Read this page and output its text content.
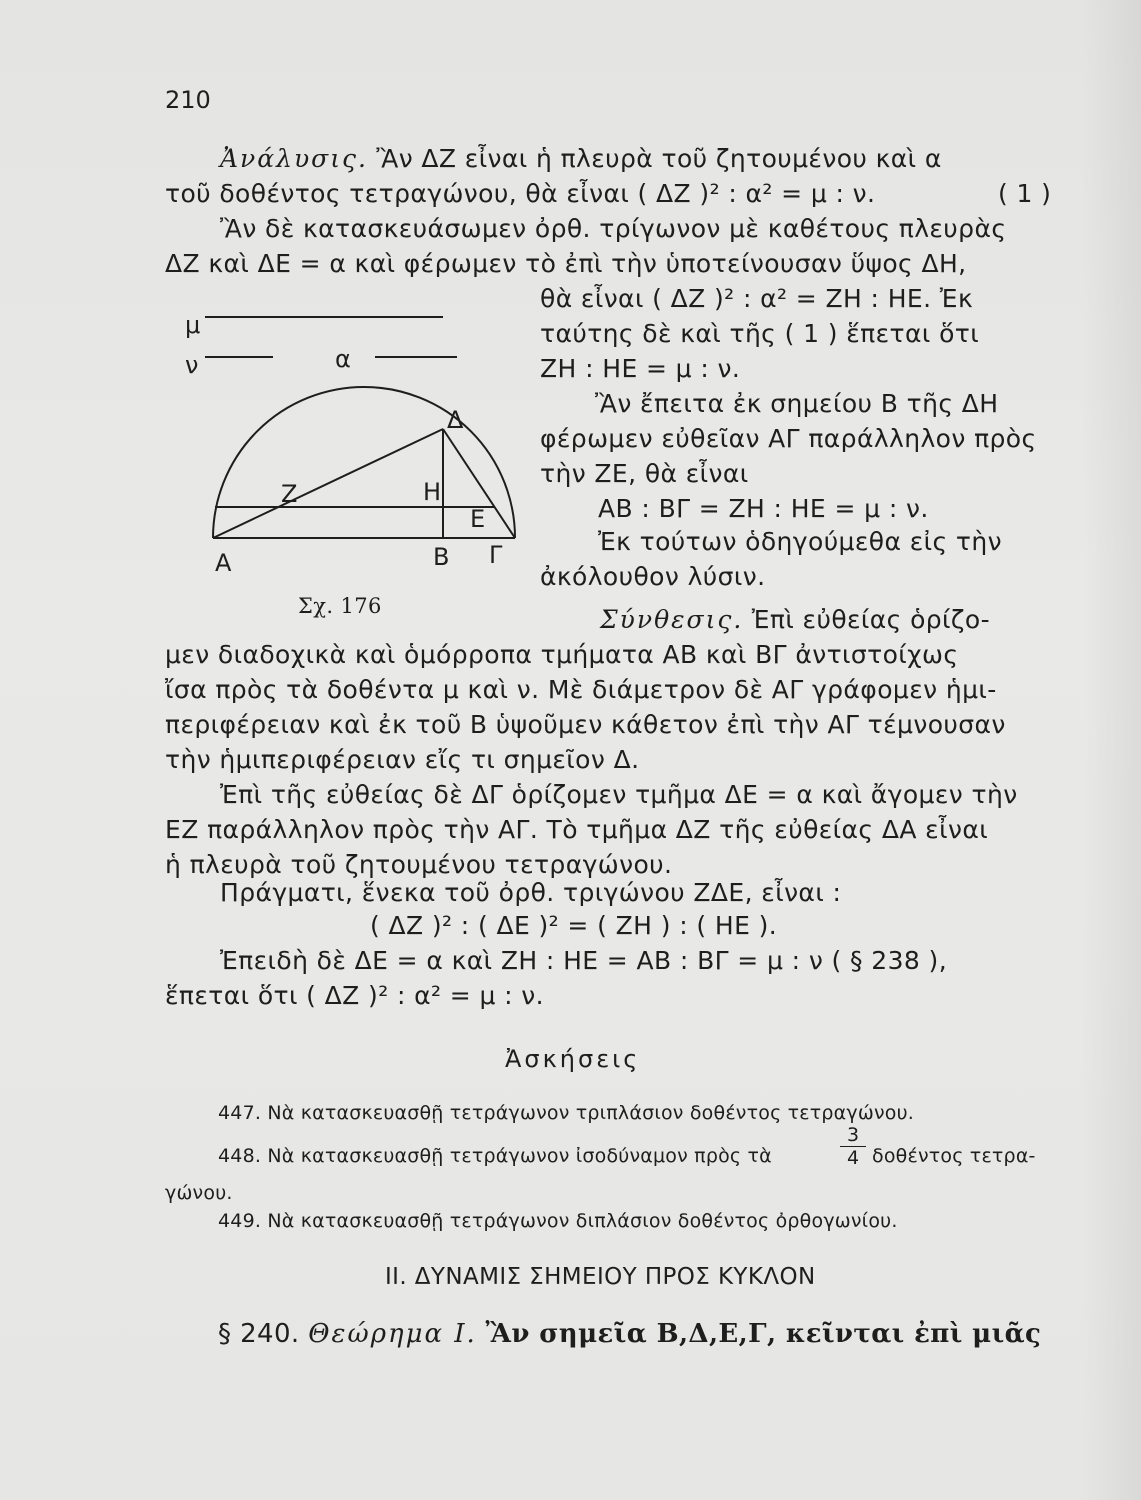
210
Ἀνάλυσις. Ἂν ΔΖ εἶναι ἡ πλευρὰ τοῦ ζητουμένου καὶ α
τοῦ δοθέντος τετραγώνου, θὰ εἶναι ( ΔΖ )² : α² = μ : ν.	( 1 )
Ἂν δὲ κατασκευάσωμεν ὀρθ. τρίγωνον μὲ καθέτους πλευρὰς
ΔΖ καὶ ΔΕ = α καὶ φέρωμεν τὸ ἐπὶ τὴν ὑποτείνουσαν ὕψος ΔΗ,
θὰ εἶναι ( ΔΖ )² : α² = ΖΗ : ΗΕ. Ἐκ
ταύτης δὲ καὶ τῆς ( 1 ) ἕπεται ὅτι
ΖΗ : ΗΕ = μ : ν.
Ἂν ἔπειτα ἐκ σημείου Β τῆς ΔΗ
φέρωμεν εὐθεῖαν ΑΓ παράλληλον πρὸς
τὴν ΖΕ, θὰ εἶναι
ΑΒ : ΒΓ = ΖΗ : ΗΕ = μ : ν.
Ἐκ τούτων ὁδηγούμεθα εἰς τὴν
ἀκόλουθον λύσιν.
μ
ν	α
Α	Β Γ
Δ
Ζ	Η
Ε
Σχ. 176	Σύνθεσις. Ἐπὶ εὐθείας ὁρίζο-
μεν διαδοχικὰ καὶ ὁμόρροπα τμήματα ΑΒ καὶ ΒΓ ἀντιστοίχως
ἴσα πρὸς τὰ δοθέντα μ καὶ ν. Μὲ διάμετρον δὲ ΑΓ γράφομεν ἡμι-
περιφέρειαν καὶ ἐκ τοῦ Β ὑψοῦμεν κάθετον ἐπὶ τὴν ΑΓ τέμνουσαν
τὴν ἡμιπεριφέρειαν εἴς τι σημεῖον Δ.
Ἐπὶ τῆς εὐθείας δὲ ΔΓ ὁρίζομεν τμῆμα ΔΕ = α καὶ ἄγομεν τὴν
ΕΖ παράλληλον πρὸς τὴν ΑΓ. Τὸ τμῆμα ΔΖ τῆς εὐθείας ΔΑ εἶναι
ἡ πλευρὰ τοῦ ζητουμένου τετραγώνου.
Πράγματι, ἕνεκα τοῦ ὀρθ. τριγώνου ΖΔΕ, εἶναι :
( ΔΖ )² : ( ΔΕ )² = ( ΖΗ ) : ( ΗΕ ).
Ἐπειδὴ δὲ ΔΕ = α καὶ ΖΗ : ΗΕ = ΑΒ : ΒΓ = μ : ν ( § 238 ),
ἕπεται ὅτι ( ΔΖ )² : α² = μ : ν.
Ἀσκήσεις
447. Νὰ κατασκευασθῇ τετράγωνον τριπλάσιον δοθέντος τετραγώνου.
448. Νὰ κατασκευασθῇ τετράγωνον ἰσοδύναμον πρὸς τὰ
3
4 δοθέντος τετρα-
γώνου.
449. Νὰ κατασκευασθῇ τετράγωνον διπλάσιον δοθέντος ὀρθογωνίου.
ΙΙ. ΔΥΝΑΜΙΣ ΣΗΜΕΙΟΥ ΠΡΟΣ ΚΥΚΛΟΝ
§ 240. Θεώρημα Ι. Ἂν σημεῖα Β,Δ,Ε,Γ, κεῖνται ἐπὶ μιᾶς
